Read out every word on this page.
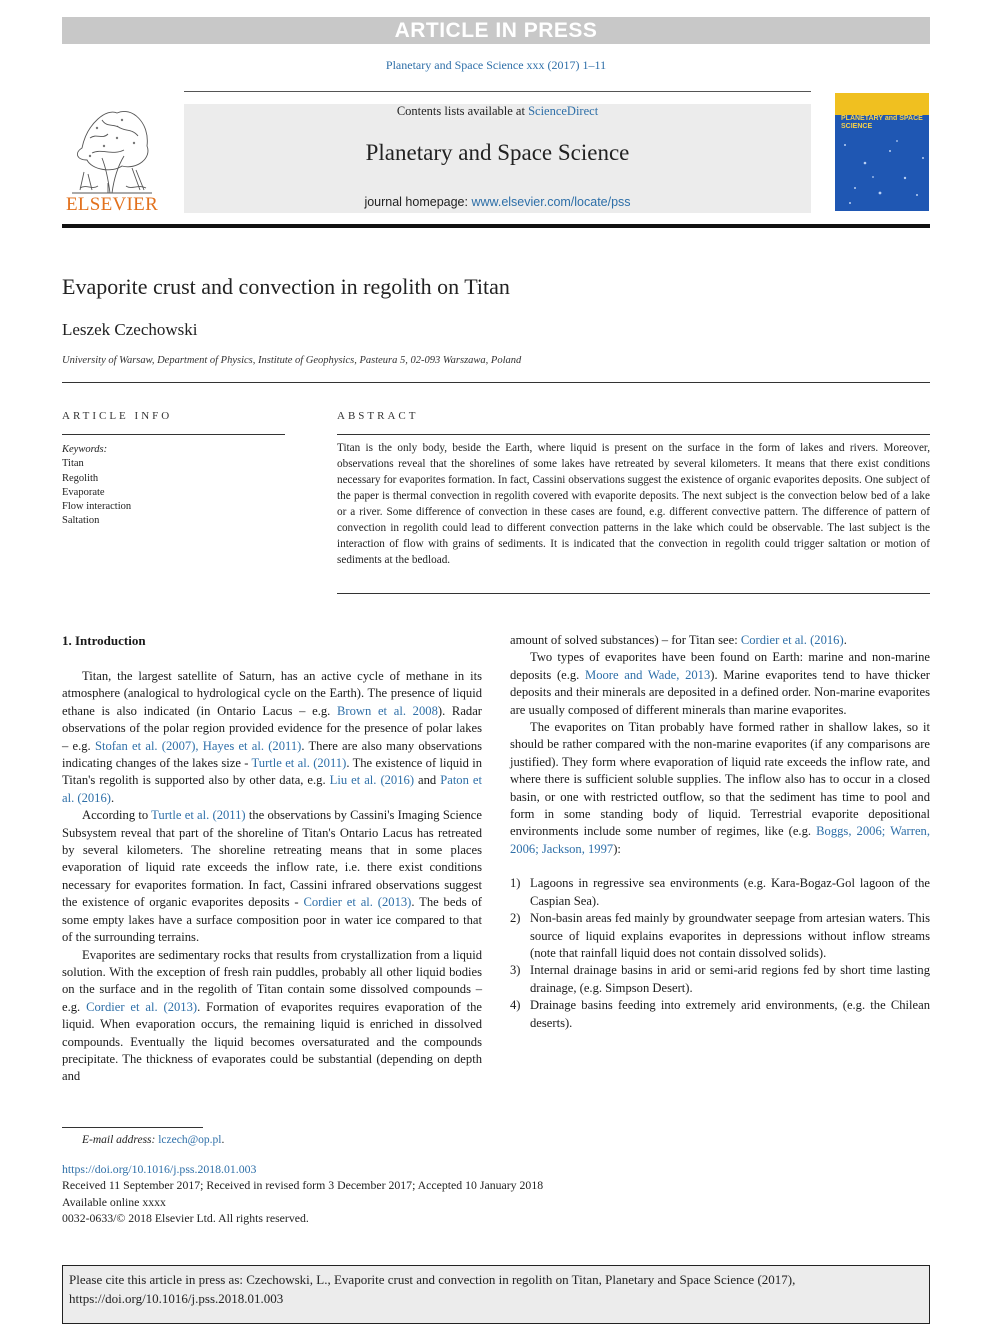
ARTICLE IN PRESS
Planetary and Space Science xxx (2017) 1–11
ELSEVIER
Contents lists available at ScienceDirect
Planetary and Space Science
journal homepage: www.elsevier.com/locate/pss
PLANETARY and SPACE SCIENCE
Evaporite crust and convection in regolith on Titan
Leszek Czechowski
University of Warsaw, Department of Physics, Institute of Geophysics, Pasteura 5, 02-093 Warszawa, Poland
ARTICLE INFO
Keywords:
Titan
Regolith
Evaporate
Flow interaction
Saltation
ABSTRACT
Titan is the only body, beside the Earth, where liquid is present on the surface in the form of lakes and rivers. Moreover, observations reveal that the shorelines of some lakes have retreated by several kilometers. It means that there exist conditions necessary for evaporites formation. In fact, Cassini observations suggest the existence of organic evaporites deposits. One subject of the paper is thermal convection in regolith covered with evaporite deposits. The next subject is the convection below bed of a lake or a river. Some difference of convection in these cases are found, e.g. different convective pattern. The difference of pattern of convection in regolith could lead to different convection patterns in the lake which could be observable. The last subject is the interaction of flow with grains of sediments. It is indicated that the convection in regolith could trigger saltation or motion of sediments at the bedload.
1. Introduction

Titan, the largest satellite of Saturn, has an active cycle of methane in its atmosphere (analogical to hydrological cycle on the Earth). The presence of liquid ethane is also indicated (in Ontario Lacus – e.g. Brown et al. 2008). Radar observations of the polar region provided evidence for the presence of polar lakes – e.g. Stofan et al. (2007), Hayes et al. (2011). There are also many observations indicating changes of the lakes size - Turtle et al. (2011). The existence of liquid in Titan's regolith is supported also by other data, e.g. Liu et al. (2016) and Paton et al. (2016).

According to Turtle et al. (2011) the observations by Cassini's Imaging Science Subsystem reveal that part of the shoreline of Titan's Ontario Lacus has retreated by several kilometers. The shoreline retreating means that in some places evaporation of liquid rate exceeds the inflow rate, i.e. there exist conditions necessary for evaporites formation. In fact, Cassini infrared observations suggest the existence of organic evaporites deposits - Cordier et al. (2013). The beds of some empty lakes have a surface composition poor in water ice compared to that of the surrounding terrains.

Evaporites are sedimentary rocks that results from crystallization from a liquid solution. With the exception of fresh rain puddles, probably all other liquid bodies on the surface and in the regolith of Titan contain some dissolved compounds – e.g. Cordier et al. (2013). Formation of evaporites requires evaporation of the liquid. When evaporation occurs, the remaining liquid is enriched in dissolved compounds. Eventually the liquid becomes oversaturated and the compounds precipitate. The thickness of evaporates could be substantial (depending on depth and

amount of solved substances) – for Titan see: Cordier et al. (2016).

Two types of evaporites have been found on Earth: marine and non-marine deposits (e.g. Moore and Wade, 2013). Marine evaporites tend to have thicker deposits and their minerals are deposited in a defined order. Non-marine evaporites are usually composed of different minerals than marine evaporites.

The evaporites on Titan probably have formed rather in shallow lakes, so it should be rather compared with the non-marine evaporites (if any comparisons are justified). They form where evaporation of liquid rate exceeds the inflow rate, and where there is sufficient soluble supplies. The inflow also has to occur in a closed basin, or one with restricted outflow, so that the sediment has time to pool and form in some standing body of liquid. Terrestrial evaporite depositional environments include some number of regimes, like (e.g. Boggs, 2006; Warren, 2006; Jackson, 1997):

1) Lagoons in regressive sea environments (e.g. Kara-Bogaz-Gol lagoon of the Caspian Sea).
2) Non-basin areas fed mainly by groundwater seepage from artesian waters. This source of liquid explains evaporites in depressions without inflow streams (note that rainfall liquid does not contain dissolved solids).
3) Internal drainage basins in arid or semi-arid regions fed by short time lasting drainage, (e.g. Simpson Desert).
4) Drainage basins feeding into extremely arid environments, (e.g. the Chilean deserts).
E-mail address: lczech@op.pl.
https://doi.org/10.1016/j.pss.2018.01.003
Received 11 September 2017; Received in revised form 3 December 2017; Accepted 10 January 2018
Available online xxxx
0032-0633/© 2018 Elsevier Ltd. All rights reserved.
Please cite this article in press as: Czechowski, L., Evaporite crust and convection in regolith on Titan, Planetary and Space Science (2017), https://doi.org/10.1016/j.pss.2018.01.003
